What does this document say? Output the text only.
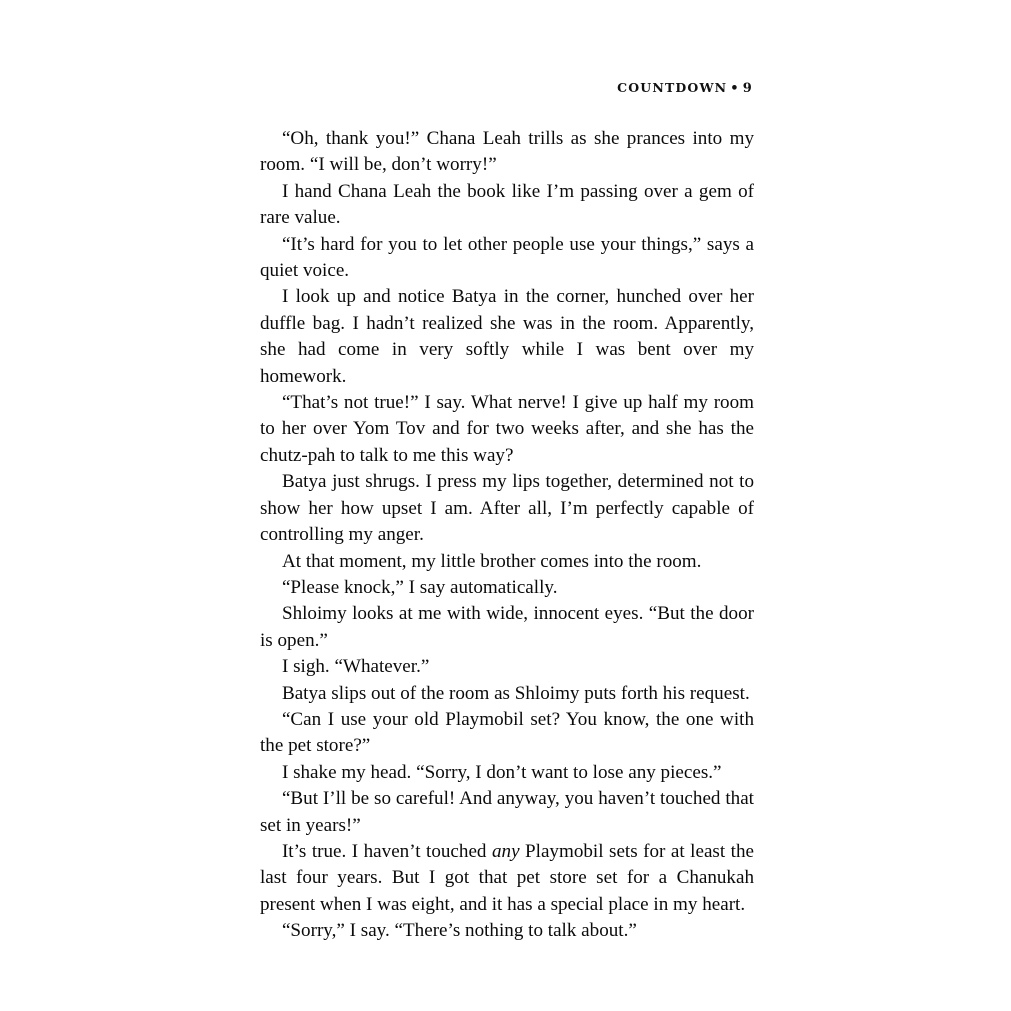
COUNTDOWN • 9

“Oh, thank you!” Chana Leah trills as she prances into my room. “I will be, don’t worry!”

I hand Chana Leah the book like I’m passing over a gem of rare value.

“It’s hard for you to let other people use your things,” says a quiet voice.

I look up and notice Batya in the corner, hunched over her duffle bag. I hadn’t realized she was in the room. Apparently, she had come in very softly while I was bent over my homework.

“That’s not true!” I say. What nerve! I give up half my room to her over Yom Tov and for two weeks after, and she has the chutz-pah to talk to me this way?

Batya just shrugs. I press my lips together, determined not to show her how upset I am. After all, I’m perfectly capable of controlling my anger.

At that moment, my little brother comes into the room.

“Please knock,” I say automatically.

Shloimy looks at me with wide, innocent eyes. “But the door is open.”

I sigh. “Whatever.”

Batya slips out of the room as Shloimy puts forth his request.

“Can I use your old Playmobil set? You know, the one with the pet store?”

I shake my head. “Sorry, I don’t want to lose any pieces.”

“But I’ll be so careful! And anyway, you haven’t touched that set in years!”

It’s true. I haven’t touched any Playmobil sets for at least the last four years. But I got that pet store set for a Chanukah present when I was eight, and it has a special place in my heart.

“Sorry,” I say. “There’s nothing to talk about.”
